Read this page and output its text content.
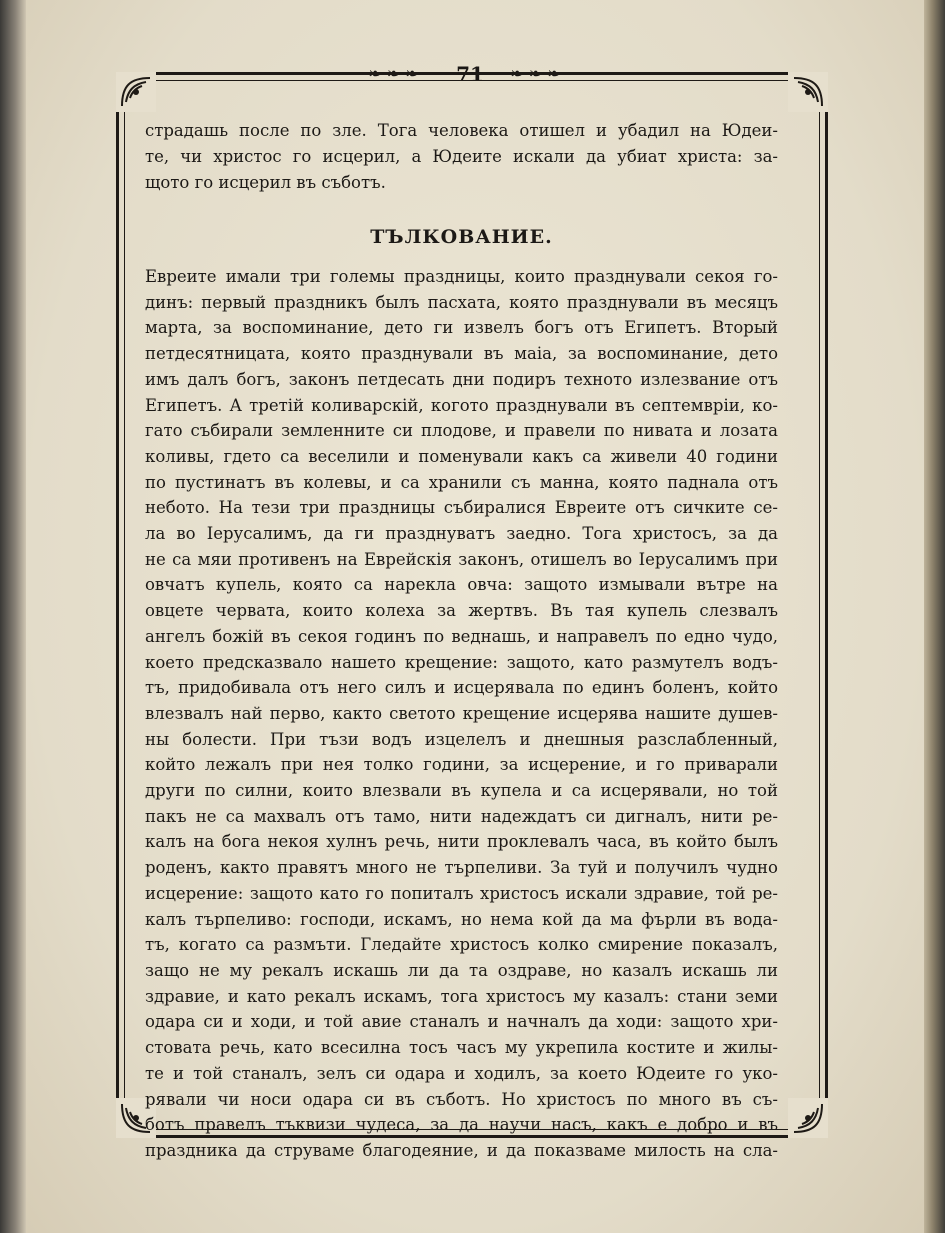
❧ ❧ ❧	71	❧ ❧ ❧
страдашь после по зле. Тога человека отишел и убадил на Юдеи-
те, чи христос го исцерил, а Юдеите искали да убиат христа: за-
щото го исцерил въ съботъ.
ТЪЛКОВАНИЕ.
Евреите имали три големы праздницы, които празднували секоя го-
динъ: первый праздникъ былъ пасхата, която празднували въ месяцъ
марта, за воспоминание, дето ги извелъ богъ отъ Египетъ. Вторый
петдесятницата, която празднували въ маia, за воспоминание, дето
имъ далъ богъ, законъ петдесать дни подиръ техното излезвание отъ
Египетъ. А третiй коливарскiй, когото празднували въ септемврiи, ко-
гато събирали земленните си плодове, и правели по нивата и лозата
коливы, гдето са веселили и поменували какъ са живели 40 години
по пустинатъ въ колевы, и са хранили съ манна, която паднала отъ
небото. На тези три праздницы събиралися Евреите отъ сичките се-
ла во Iерусалимъ, да ги празднуватъ заедно. Тога христосъ, за да
не са мяи противенъ на Еврейскiя законъ, отишелъ во Iерусалимъ при
овчатъ купель, която са нарекла овча: защото измывали вътре на
овцете червата, които колеха за жертвъ. Въ тая купель слезвалъ
ангелъ божiй въ секоя годинъ по веднашь, и направелъ по едно чудо,
което предсказвало нашето крещение: защото, като размутелъ водъ-
тъ, придобивала отъ него силъ и исцерявала по единъ боленъ, който
влезвалъ най перво, както светото крещение исцерява нашите душев-
ны болести. При тъзи водъ изцелелъ и днешныя разслабленный,
който лежалъ при нея толко години, за исцерение, и го приварали
други по силни, които влезвали въ купела и са исцерявали, но той
пакъ не са махвалъ отъ тамо, нити надеждатъ си дигналъ, нити ре-
калъ на бога некоя хулнъ речь, нити проклевалъ часа, въ който былъ
роденъ, както правятъ много не търпеливи. За туй и получилъ чудно
исцерение: защото като го попиталъ христосъ искали здравие, той ре-
калъ търпеливо: господи, искамъ, но нема кой да ма фърли въ вода-
тъ, когато са размъти. Гледайте христосъ колко смирение показалъ,
защо не му рекалъ искашь ли да та оздраве, но казалъ искашь ли
здравие, и като рекалъ искамъ, тога христосъ му казалъ: стани земи
одара си и ходи, и той авие станалъ и начналъ да ходи: защото хри-
стовата речь, като всесилна тосъ часъ му укрепила костите и жилы-
те и той станалъ, зелъ си одара и ходилъ, за което Юдеите го уко-
рявали чи носи одара си въ съботъ. Но христосъ по много въ съ-
ботъ правелъ тъквизи чудеса, за да научи насъ, какъ е добро и въ
праздника да струваме благодеяние, и да показваме милость на сла-
